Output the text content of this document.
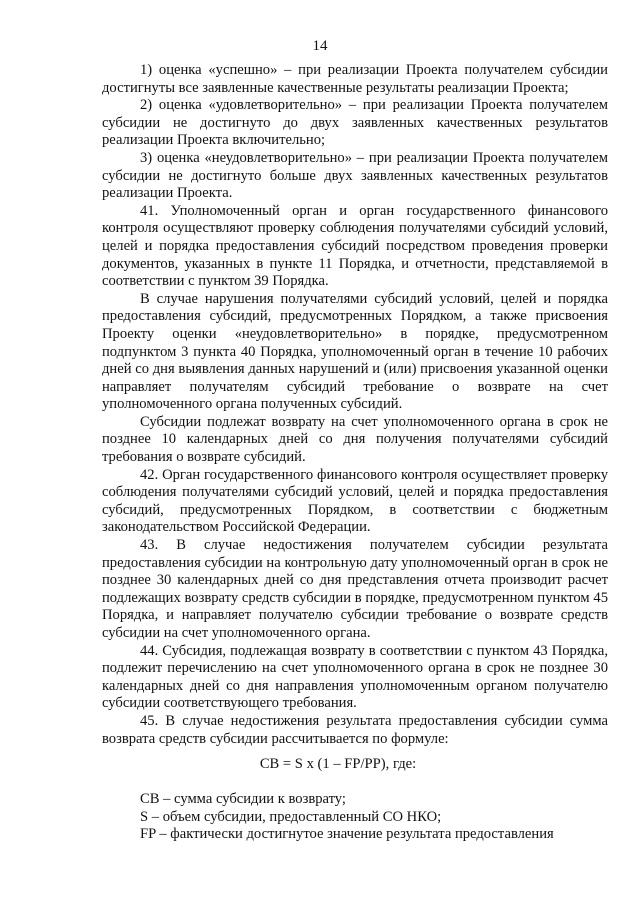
14

1) оценка «успешно» – при реализации Проекта получателем субсидии достигнуты все заявленные качественные результаты реализации Проекта;

2) оценка «удовлетворительно» – при реализации Проекта получателем субсидии не достигнуто до двух заявленных качественных результатов реализации Проекта включительно;

3) оценка «неудовлетворительно» – при реализации Проекта получателем субсидии не достигнуто больше двух заявленных качественных результатов реализации Проекта.

41. Уполномоченный орган и орган государственного финансового контроля осуществляют проверку соблюдения получателями субсидий условий, целей и порядка предоставления субсидий посредством проведения проверки документов, указанных в пункте 11 Порядка, и отчетности, представляемой в соответствии с пунктом 39 Порядка.

В случае нарушения получателями субсидий условий, целей и порядка предоставления субсидий, предусмотренных Порядком, а также присвоения Проекту оценки «неудовлетворительно» в порядке, предусмотренном подпунктом 3 пункта 40 Порядка, уполномоченный орган в течение 10 рабочих дней со дня выявления данных нарушений и (или) присвоения указанной оценки направляет получателям субсидий требование о возврате на счет уполномоченного органа полученных субсидий.

Субсидии подлежат возврату на счет уполномоченного органа в срок не позднее 10 календарных дней со дня получения получателями субсидий требования о возврате субсидий.

42. Орган государственного финансового контроля осуществляет проверку соблюдения получателями субсидий условий, целей и порядка предоставления субсидий, предусмотренных Порядком, в соответствии с бюджетным законодательством Российской Федерации.

43. В случае недостижения получателем субсидии результата предоставления субсидии на контрольную дату уполномоченный орган в срок не позднее 30 календарных дней со дня представления отчета производит расчет подлежащих возврату средств субсидии в порядке, предусмотренном пунктом 45 Порядка, и направляет получателю субсидии требование о возврате средств субсидии на счет уполномоченного органа.

44. Субсидия, подлежащая возврату в соответствии с пунктом 43 Порядка, подлежит перечислению на счет уполномоченного органа в срок не позднее 30 календарных дней со дня направления уполномоченным органом получателю субсидии соответствующего требования.

45. В случае недостижения результата предоставления субсидии сумма возврата средств субсидии рассчитывается по формуле:

СВ = S x (1 – FP/PP), где:

СВ – сумма субсидии к возврату;

S – объем субсидии, предоставленный СО НКО;

FP – фактически достигнутое значение результата предоставления
